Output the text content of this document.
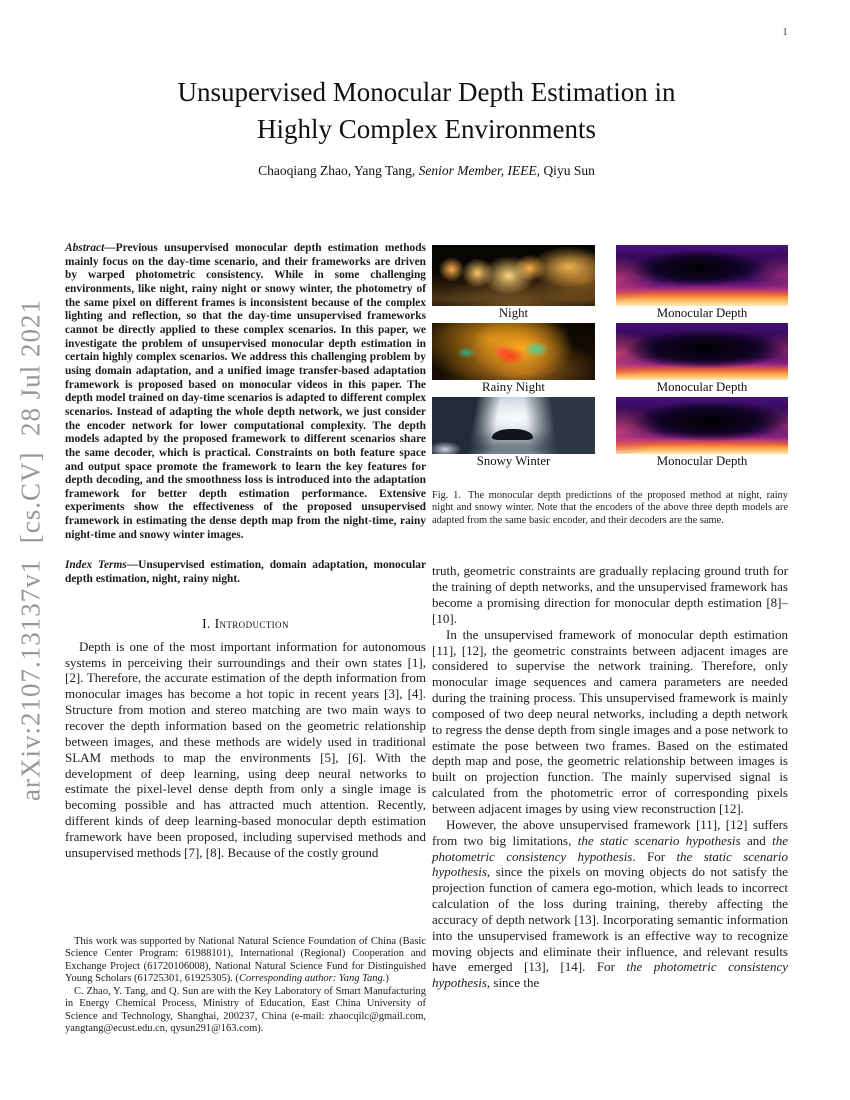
1
arXiv:2107.13137v1  [cs.CV]  28 Jul 2021
Unsupervised Monocular Depth Estimation in
Highly Complex Environments
Chaoqiang Zhao, Yang Tang, Senior Member, IEEE, Qiyu Sun

Abstract—Previous unsupervised monocular depth estimation methods mainly focus on the day-time scenario, and their frameworks are driven by warped photometric consistency. While in some challenging environments, like night, rainy night or snowy winter, the photometry of the same pixel on different frames is inconsistent because of the complex lighting and reflection, so that the day-time unsupervised frameworks cannot be directly applied to these complex scenarios. In this paper, we investigate the problem of unsupervised monocular depth estimation in certain highly complex scenarios. We address this challenging problem by using domain adaptation, and a unified image transfer-based adaptation framework is proposed based on monocular videos in this paper. The depth model trained on day-time scenarios is adapted to different complex scenarios. Instead of adapting the whole depth network, we just consider the encoder network for lower computational complexity. The depth models adapted by the proposed framework to different scenarios share the same decoder, which is practical. Constraints on both feature space and output space promote the framework to learn the key features for depth decoding, and the smoothness loss is introduced into the adaptation framework for better depth estimation performance. Extensive experiments show the effectiveness of the proposed unsupervised framework in estimating the dense depth map from the night-time, rainy night-time and snowy winter images.

Index Terms—Unsupervised estimation, domain adaptation, monocular depth estimation, night, rainy night.

I. Introduction

Depth is one of the most important information for autonomous systems in perceiving their surroundings and their own states [1], [2]. Therefore, the accurate estimation of the depth information from monocular images has become a hot topic in recent years [3], [4]. Structure from motion and stereo matching are two main ways to recover the depth information based on the geometric relationship between images, and these methods are widely used in traditional SLAM methods to map the environments [5], [6]. With the development of deep learning, using deep neural networks to estimate the pixel-level dense depth from only a single image is becoming possible and has attracted much attention. Recently, different kinds of deep learning-based monocular depth estimation framework have been proposed, including supervised methods and unsupervised methods [7], [8]. Because of the costly ground

This work was supported by National Natural Science Foundation of China (Basic Science Center Program: 61988101), International (Regional) Cooperation and Exchange Project (61720106008), National Natural Science Fund for Distinguished Young Scholars (61725301, 61925305). (Corresponding author: Yang Tang.)

C. Zhao, Y. Tang, and Q. Sun are with the Key Laboratory of Smart Manufacturing in Energy Chemical Process, Ministry of Education, East China University of Science and Technology, Shanghai, 200237, China (e-mail: zhaocqilc@gmail.com, yangtang@ecust.edu.cn, qysun291@163.com).

Night	Monocular Depth
Rainy Night	Monocular Depth
Snowy Winter	Monocular Depth

Fig. 1. The monocular depth predictions of the proposed method at night, rainy night and snowy winter. Note that the encoders of the above three depth models are adapted from the same basic encoder, and their decoders are the same.

truth, geometric constraints are gradually replacing ground truth for the training of depth networks, and the unsupervised framework has become a promising direction for monocular depth estimation [8]–[10].

In the unsupervised framework of monocular depth estimation [11], [12], the geometric constraints between adjacent images are considered to supervise the network training. Therefore, only monocular image sequences and camera parameters are needed during the training process. This unsupervised framework is mainly composed of two deep neural networks, including a depth network to regress the dense depth from single images and a pose network to estimate the pose between two frames. Based on the estimated depth map and pose, the geometric relationship between images is built on projection function. The mainly supervised signal is calculated from the photometric error of corresponding pixels between adjacent images by using view reconstruction [12].

However, the above unsupervised framework [11], [12] suffers from two big limitations, the static scenario hypothesis and the photometric consistency hypothesis. For the static scenario hypothesis, since the pixels on moving objects do not satisfy the projection function of camera ego-motion, which leads to incorrect calculation of the loss during training, thereby affecting the accuracy of depth network [13]. Incorporating semantic information into the unsupervised framework is an effective way to recognize moving objects and eliminate their influence, and relevant results have emerged [13], [14]. For the photometric consistency hypothesis, since the
